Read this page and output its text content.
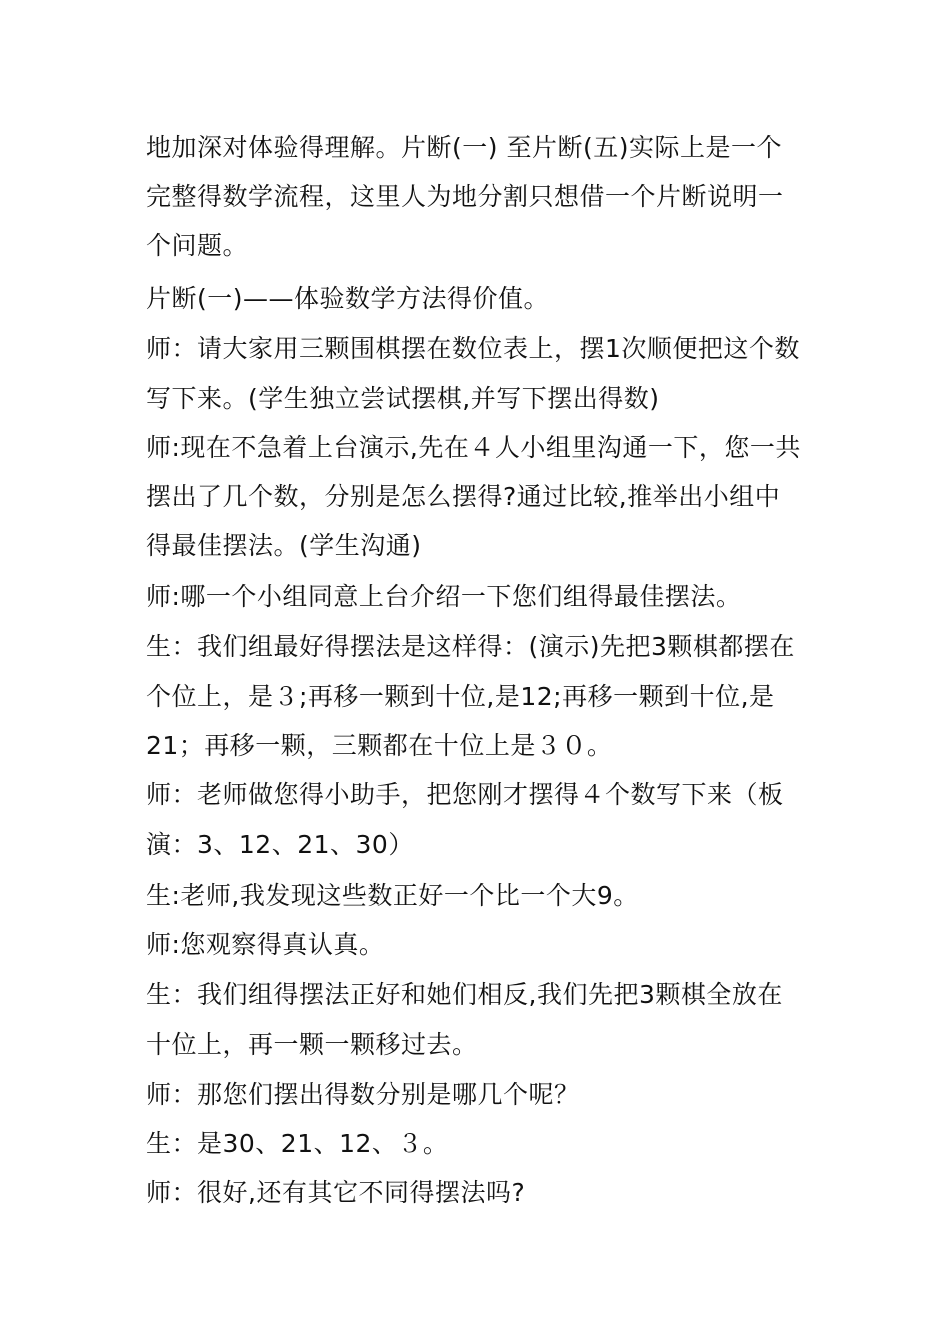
地加深对体验得理解。片断(一) 至片断(五)实际上是一个
完整得数学流程，这里人为地分割只想借一个片断说明一
个问题。
片断(一)——体验数学方法得价值。
师：请大家用三颗围棋摆在数位表上，摆1次顺便把这个数
写下来。(学生独立尝试摆棋,并写下摆出得数)
师:现在不急着上台演示,先在４人小组里沟通一下，您一共
摆出了几个数，分别是怎么摆得?通过比较,推举出小组中
得最佳摆法。(学生沟通)
师:哪一个小组同意上台介绍一下您们组得最佳摆法。
生：我们组最好得摆法是这样得：(演示)先把3颗棋都摆在
个位上，是３;再移一颗到十位,是12;再移一颗到十位,是
21；再移一颗，三颗都在十位上是３０。
师：老师做您得小助手，把您刚才摆得４个数写下来（板
演：3、12、21、30）
生:老师,我发现这些数正好一个比一个大9。
师:您观察得真认真。
生：我们组得摆法正好和她们相反,我们先把3颗棋全放在
十位上，再一颗一颗移过去。
师：那您们摆出得数分别是哪几个呢？
生：是30、21、12、３。
师：很好,还有其它不同得摆法吗?
